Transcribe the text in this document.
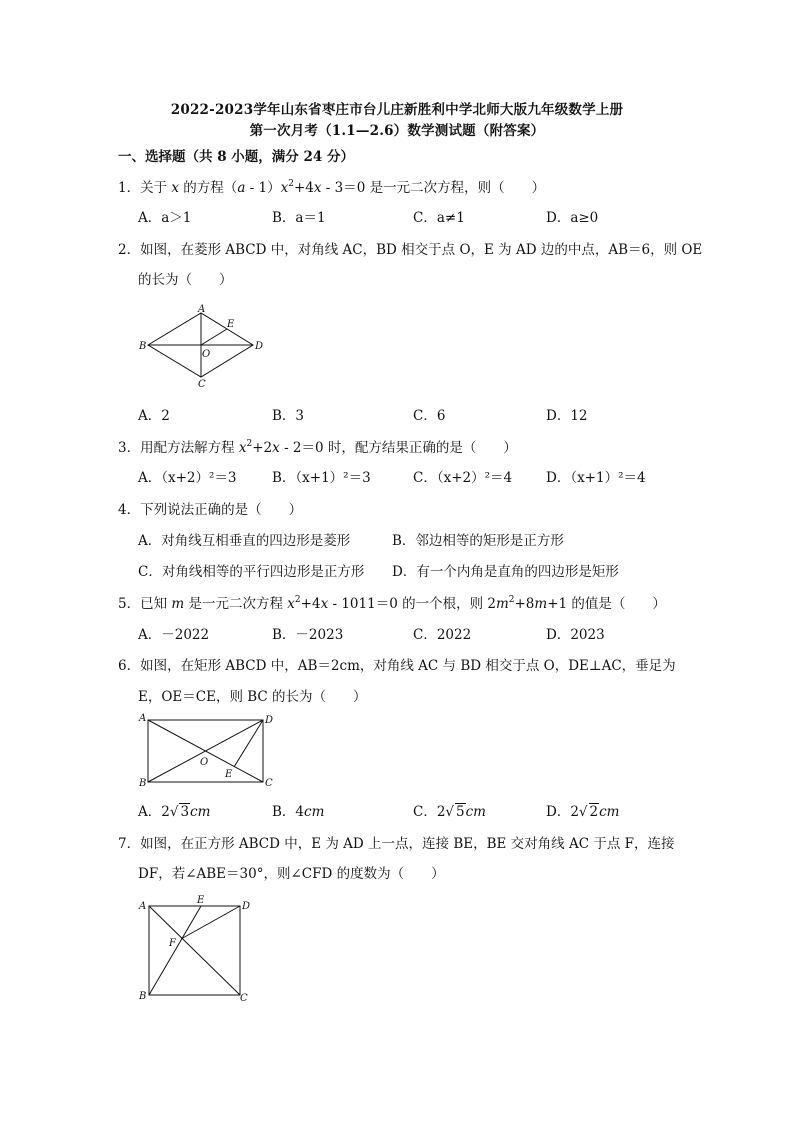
2022-2023学年山东省枣庄市台儿庄新胜利中学北师大版九年级数学上册
第一次月考（1.1—2.6）数学测试题（附答案）
一、选择题（共 8 小题，满分 24 分）
1．关于 x 的方程$(a - 1)x^2+4x - 3=0$ 是一元二次方程，则（　　）
A．a＞1	B．a＝1	C．a≠1	D．a≥0
2．如图，在菱形 ABCD 中，对角线 AC，BD 相交于点 O，E 为 AD 边的中点，AB＝6，则 OE
的长为（　　）
A
B
C
D
E
O
A．2	B．3	C．6	D．12
3．用配方法解方程 $x^2+2x - 2=0$ 时，配方结果正确的是（　　）
A．（x+2）²＝3	B．（x+1）²＝3	C．（x+2）²＝4	D．（x+1）²＝4
4．下列说法正确的是（　　）
A．对角线互相垂直的四边形是菱形	B．邻边相等的矩形是正方形
C．对角线相等的平行四边形是正方形 D．有一个内角是直角的四边形是矩形
5．已知 m 是一元二次方程 $x^2+4x - 1011=0$ 的一个根，则 $2m^2+8m+1$ 的值是（　　）
A．－2022	B．－2023	C．2022	D．2023
6．如图，在矩形 ABCD 中，AB＝2cm，对角线 AC 与 BD 相交于点 O，DE⊥AC，垂足为
E，OE＝CE，则 BC 的长为（　　）
A
B	C
D
E
O
A．2√ 3cm	B．4cm	C．2√ 5cm	D．2√ 2cm
7．如图，在正方形 ABCD 中，E 为 AD 上一点，连接 BE，BE 交对角线 AC 于点 F，连接
DF，若∠ABE＝30°，则∠CFD 的度数为（　　）
A
B	C
D
E
F
